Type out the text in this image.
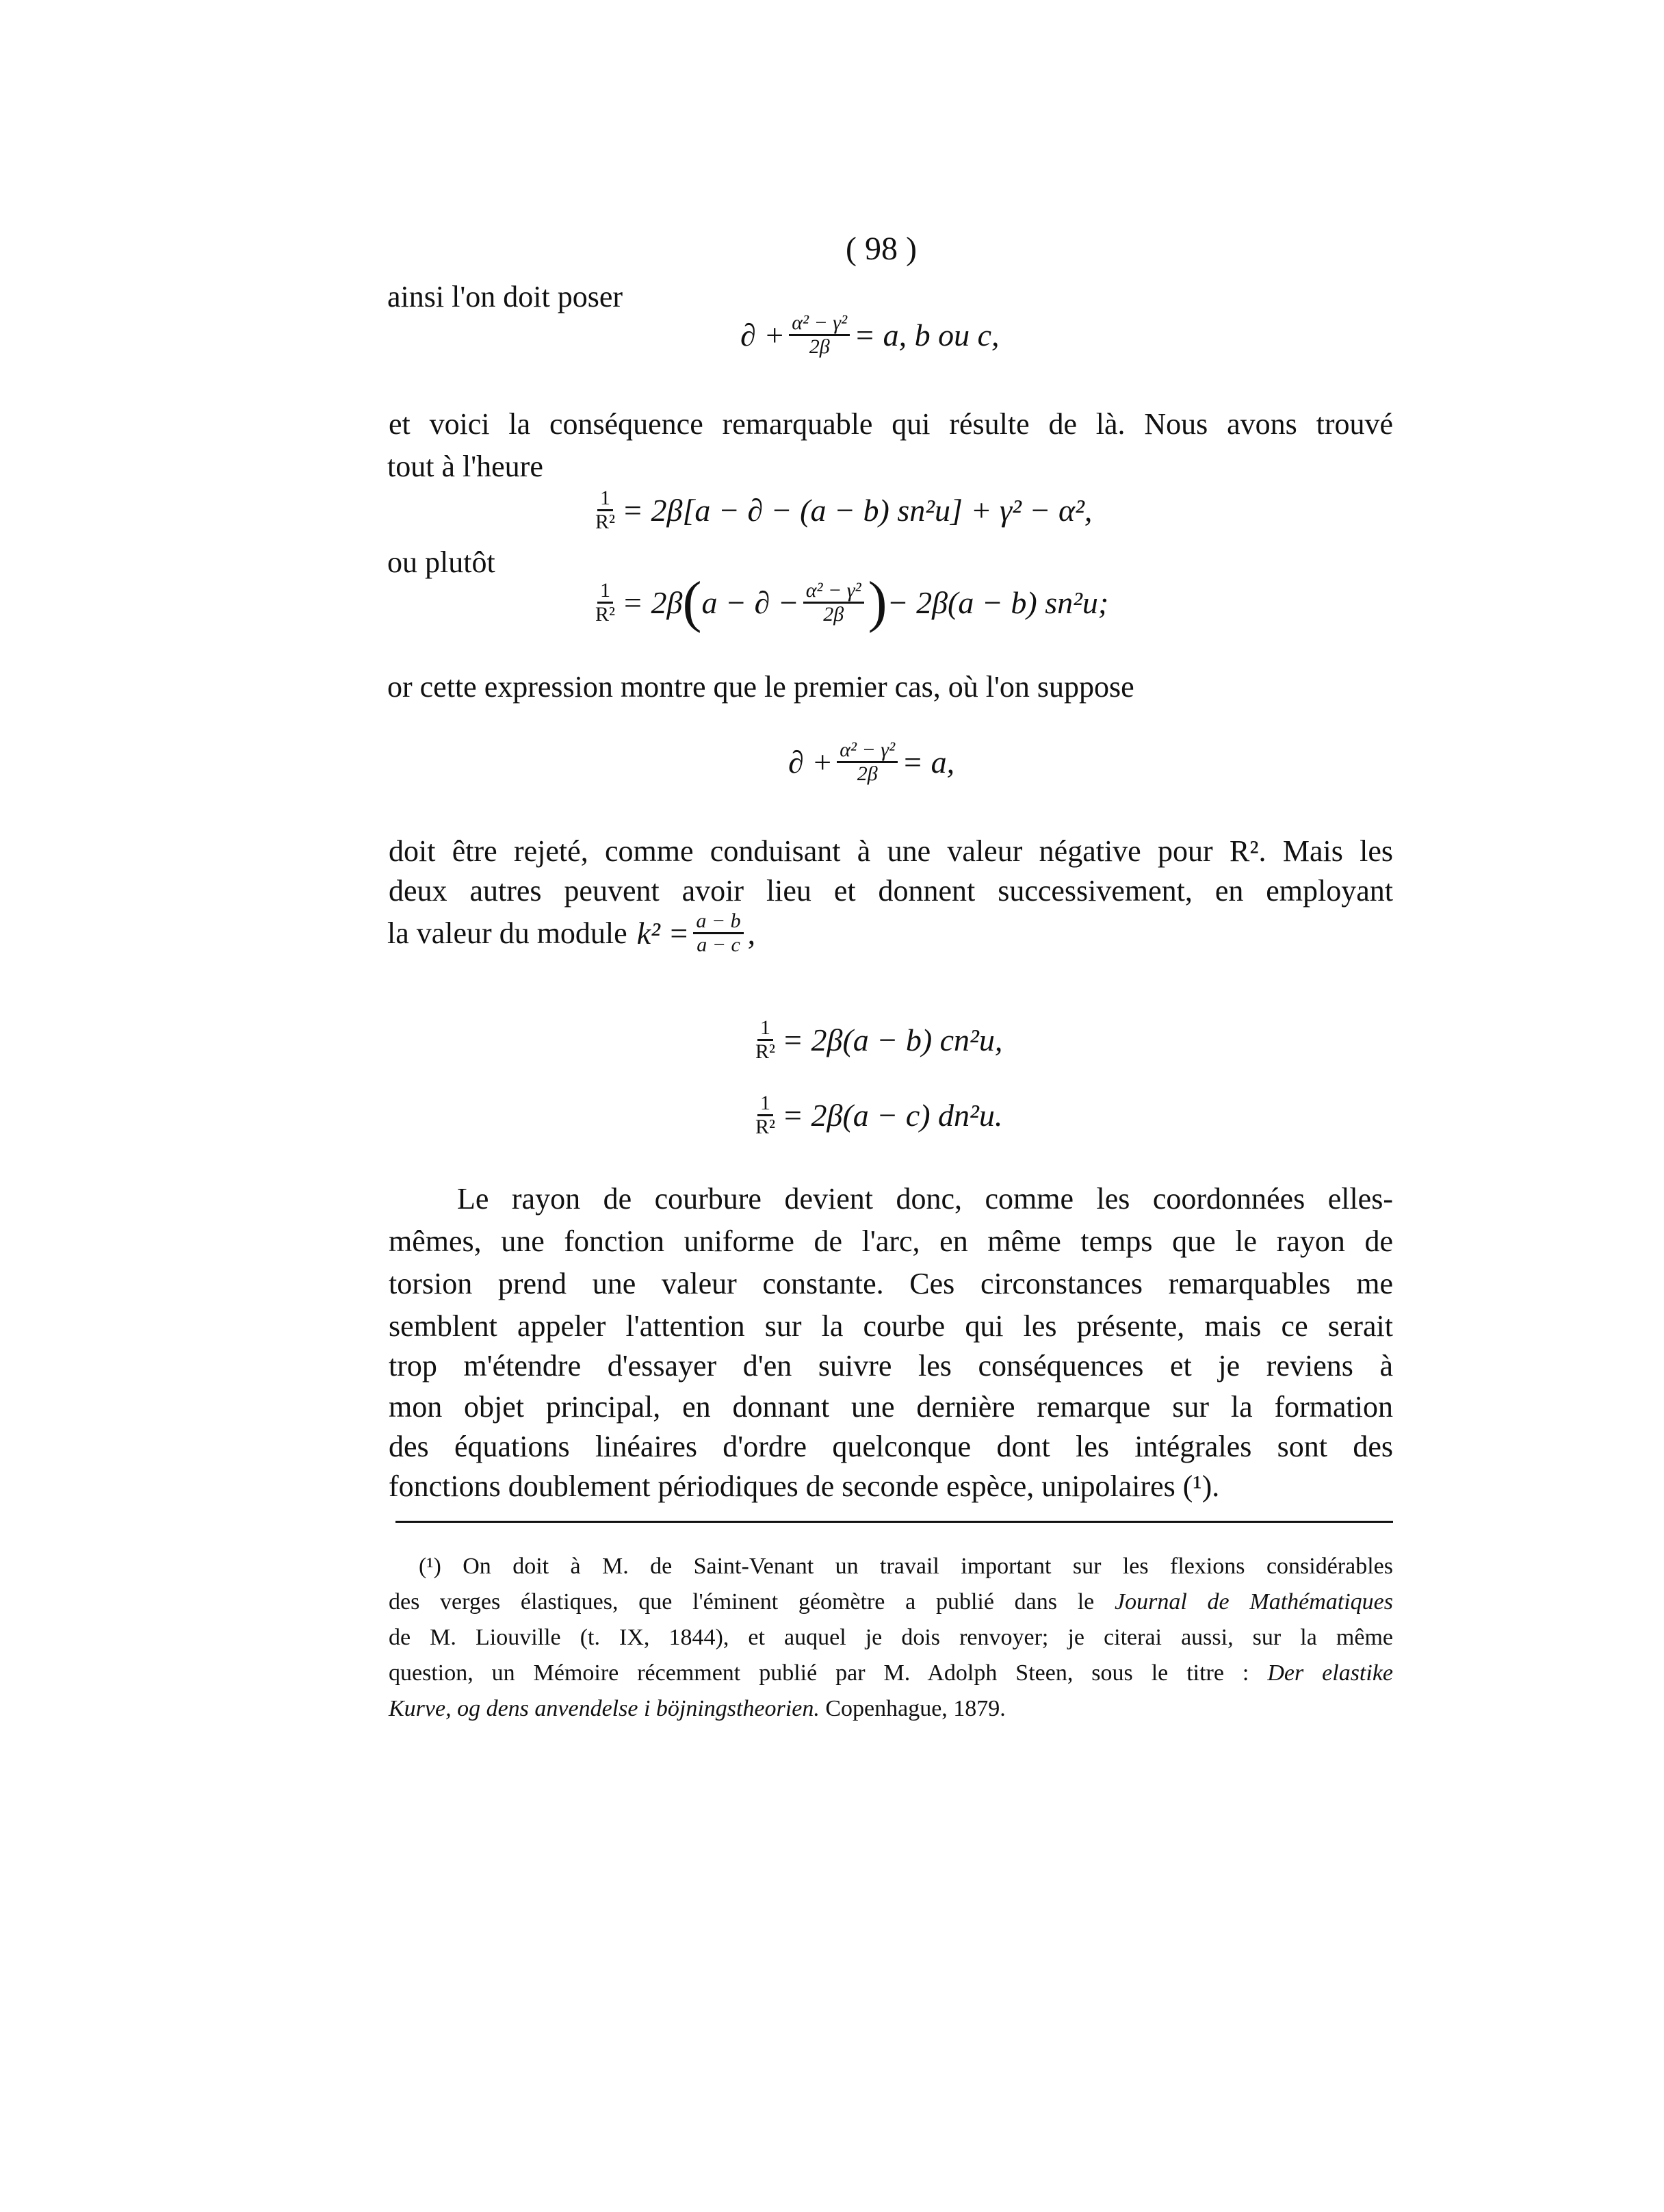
( 98 )
ainsi l'on doit poser
∂ + $\frac{\text{α² − γ²}}{2\beta} = a$, b ou c,
et voici la conséquence remarquable qui résulte de là. Nous avons trouvé
tout à l'heure
$\frac{1}{\text{R²}} = 2\beta[a$ − ∂ − (a − b) sn²u] + γ² − α²,
ou plutôt
$\frac{1}{\text{R²}} = 2\beta$ ( a − ∂ − $\frac{\text{α² − γ²}}{2\beta}$ ) − 2β(a − b) sn²u;
or cette expression montre que le premier cas, où l'on suppose
∂ + $\frac{\text{α² − γ²}}{2\beta} = a$,
doit être rejeté, comme conduisant à une valeur négative pour R². Mais les
deux autres peuvent avoir lieu et donnent successivement, en employant
la valeur du module $k^2 = \frac{a - b}{a - c}$ ,
$\frac{1}{\text{R²}} = 2\beta(a - b)$ cn²u,
$\frac{1}{\text{R²}} = 2\beta(a - c)$ dn²u.
Le rayon de courbure devient donc, comme les coordonnées elles-
mêmes, une fonction uniforme de l'arc, en même temps que le rayon de
torsion prend une valeur constante. Ces circonstances remarquables me
semblent appeler l'attention sur la courbe qui les présente, mais ce serait
trop m'étendre d'essayer d'en suivre les conséquences et je reviens à
mon objet principal, en donnant une dernière remarque sur la formation
des équations linéaires d'ordre quelconque dont les intégrales sont des
fonctions doublement périodiques de seconde espèce, unipolaires (¹).
(¹) On doit à M. de Saint-Venant un travail important sur les flexions considérables
des verges élastiques, que l'éminent géomètre a publié dans le Journal de Mathématiques
de M. Liouville (t. IX, 1844), et auquel je dois renvoyer; je citerai aussi, sur la même
question, un Mémoire récemment publié par M. Adolph Steen, sous le titre : Der elastike
Kurve, og dens anvendelse i böjningstheorien. Copenhague, 1879.
